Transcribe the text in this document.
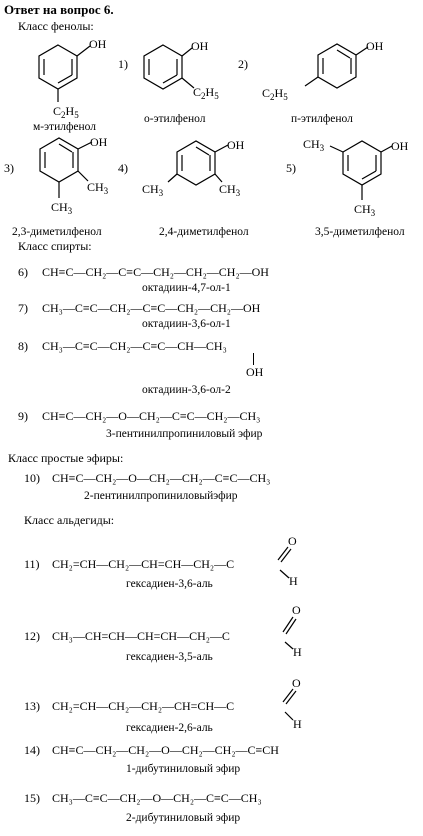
Ответ на вопрос 6.
Класс фенолы:
OH
$C_2H_5$
OH
$C_2H_5$
OH
$C_2H_5$
OH
$CH_3$
$CH_3$
OH
$CH_3$
$CH_3$
OH
$CH_3$
$CH_3$
1)	2)
3)	4)	5)
м-этилфенол
о-этилфенол	п-этилфенол
2,3-диметилфенол	2,4-диметилфенол	3,5-диметилфенол
Класс спирты:
6) CH≡C—CH₂—C≡C—CH₂—CH₂—CH₂—OH
октадиин-4,7-ол-1
7) CH₃—C≡C—CH₂—C≡C—CH₂—CH₂—OH
октадиин-3,6-ол-1
8) CH₃—C≡C—CH₂—C≡C—CH—CH₃
OH
октадиин-3,6-ол-2
9) CH≡C—CH₂—O—CH₂—C≡C—CH₂—CH₃
3-пентинилпропиниловый эфир
Класс простые эфиры:
10) CH≡C—CH₂—O—CH₂—CH₂—C≡C—CH₃
2-пентинилпропиниловыйэфир
Класс альдегиды:
11) CH₂=CH—CH₂—CH=CH—CH₂—C
O
H
гексадиен-3,6-аль
12) CH₃—CH=CH—CH=CH—CH₂—C
O
H
гексадиен-3,5-аль
13) CH₂=CH—CH₂—CH₂—CH=CH—C
O
H
гексадиен-2,6-аль
14) CH≡C—CH₂—CH₂—O—CH₂—CH₂—C≡CH
1-дибутиниловый эфир
15) CH₃—C≡C—CH₂—O—CH₂—C≡C—CH₃
2-дибутиниловый эфир
